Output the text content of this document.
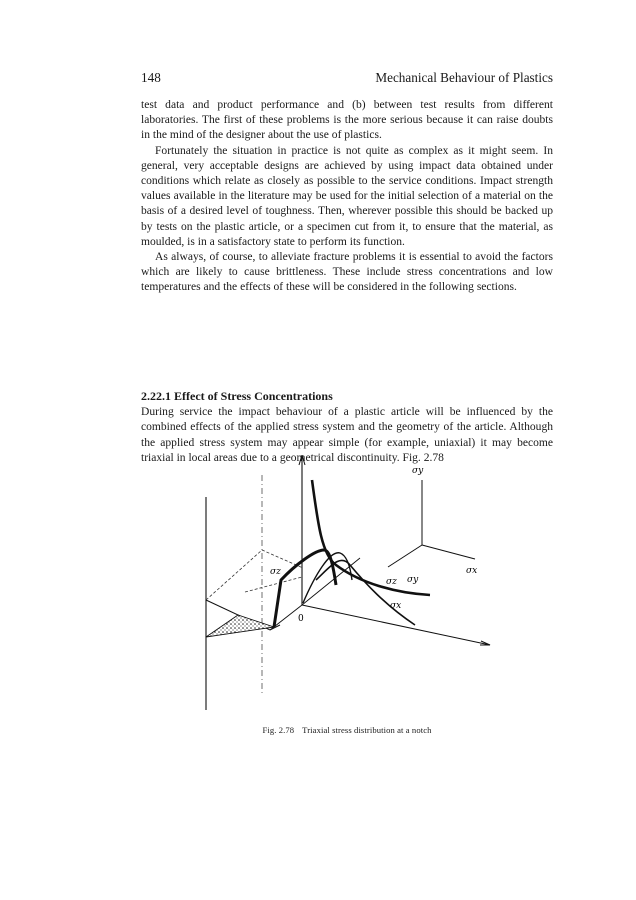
148	Mechanical Behaviour of Plastics

test data and product performance and (b) between test results from different laboratories. The first of these problems is the more serious because it can raise doubts in the mind of the designer about the use of plastics.

Fortunately the situation in practice is not quite as complex as it might seem. In general, very acceptable designs are achieved by using impact data obtained under conditions which relate as closely as possible to the service conditions. Impact strength values available in the literature may be used for the initial selection of a material on the basis of a desired level of toughness. Then, wherever possible this should be backed up by tests on the plastic article, or a specimen cut from it, to ensure that the material, as moulded, is in a satisfactory state to perform its function.

As always, of course, to alleviate fracture problems it is essential to avoid the factors which are likely to cause brittleness. These include stress concentrations and low temperatures and the effects of these will be considered in the following sections.

2.22.1 Effect of Stress Concentrations

During service the impact behaviour of a plastic article will be influenced by the combined effects of the applied stress system and the geometry of the article. Although the applied stress system may appear simple (for example, uniaxial) it may become triaxial in local areas due to a geometrical discontinuity. Fig. 2.78

σy
σx
σz σy
σx
σz
0
Fig. 2.78 Triaxial stress distribution at a notch
